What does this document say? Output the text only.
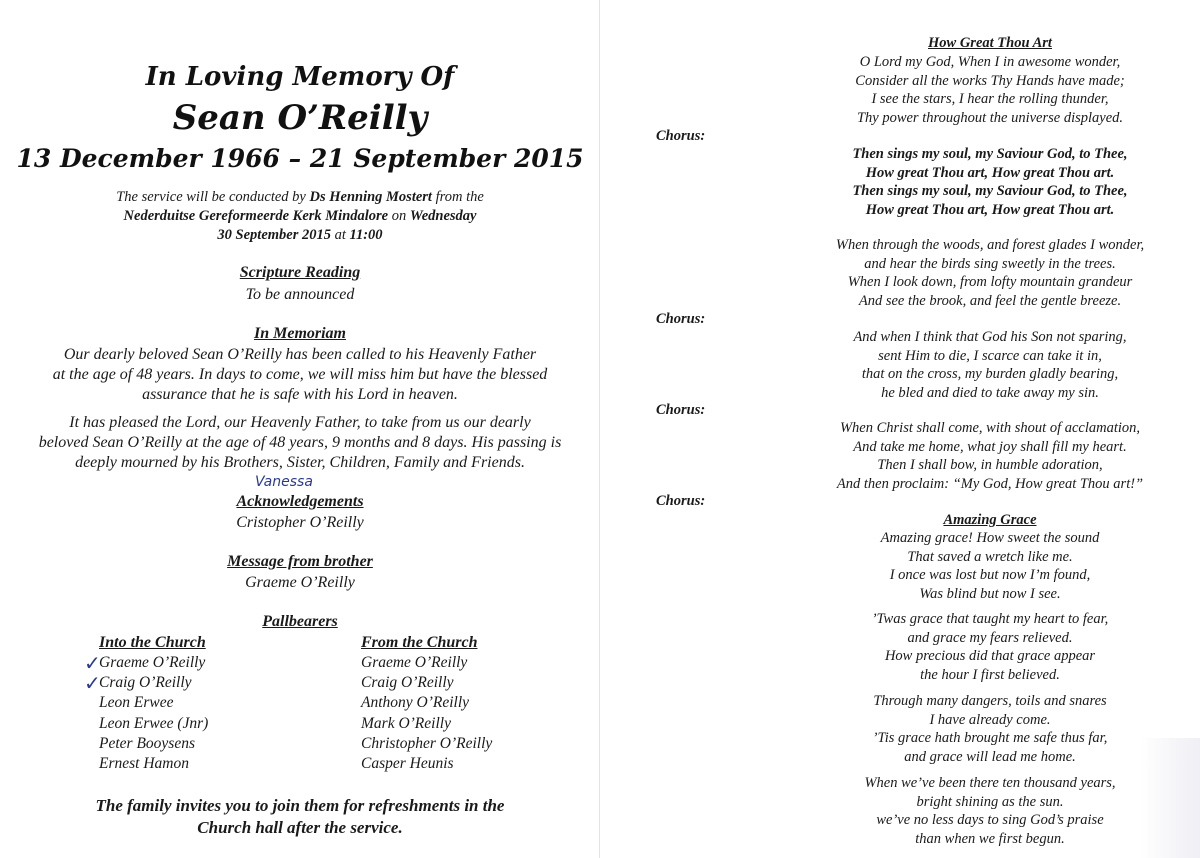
In Loving Memory Of
Sean O’Reilly
13 December 1966 – 21 September 2015
The service will be conducted by Ds Henning Mostert from the
Nederduitse Gereformeerde Kerk Mindalore on Wednesday
30 September 2015 at 11:00
Scripture Reading
To be announced
In Memoriam
Our dearly beloved Sean O’Reilly has been called to his Heavenly Father
at the age of 48 years. In days to come, we will miss him but have the blessed
assurance that he is safe with his Lord in heaven.
It has pleased the Lord, our Heavenly Father, to take from us our dearly
beloved Sean O’Reilly at the age of 48 years, 9 months and 8 days. His passing is
deeply mourned by his Brothers, Sister, Children, Family and Friends.
Vanessa
Acknowledgements
Cristopher O’Reilly
Message from brother
Graeme O’Reilly
Pallbearers
Into the Church
Graeme O’Reilly
Craig O’Reilly
Leon Erwee
Leon Erwee (Jnr)
Peter Booysens
Ernest Hamon
✓
✓
From the Church
Graeme O’Reilly
Craig O’Reilly
Anthony O’Reilly
Mark O’Reilly
Christopher O’Reilly
Casper Heunis
The family invites you to join them for refreshments in the
Church hall after the service.
How Great Thou Art
O Lord my God, When I in awesome wonder,
Consider all the works Thy Hands have made;
I see the stars, I hear the rolling thunder,
Thy power throughout the universe displayed.
Chorus:
Then sings my soul, my Saviour God, to Thee,
How great Thou art, How great Thou art.
Then sings my soul, my Saviour God, to Thee,
How great Thou art, How great Thou art.
When through the woods, and forest glades I wonder,
and hear the birds sing sweetly in the trees.
When I look down, from lofty mountain grandeur
And see the brook, and feel the gentle breeze.
Chorus:
And when I think that God his Son not sparing,
sent Him to die, I scarce can take it in,
that on the cross, my burden gladly bearing,
he bled and died to take away my sin.
Chorus:
When Christ shall come, with shout of acclamation,
And take me home, what joy shall fill my heart.
Then I shall bow, in humble adoration,
And then proclaim: “My God, How great Thou art!”
Chorus:
Amazing Grace
Amazing grace! How sweet the sound
That saved a wretch like me.
I once was lost but now I’m found,
Was blind but now I see.
’Twas grace that taught my heart to fear,
and grace my fears relieved.
How precious did that grace appear
the hour I first believed.
Through many dangers, toils and snares
I have already come.
’Tis grace hath brought me safe thus far,
and grace will lead me home.
When we’ve been there ten thousand years,
bright shining as the sun.
we’ve no less days to sing God’s praise
than when we first begun.
